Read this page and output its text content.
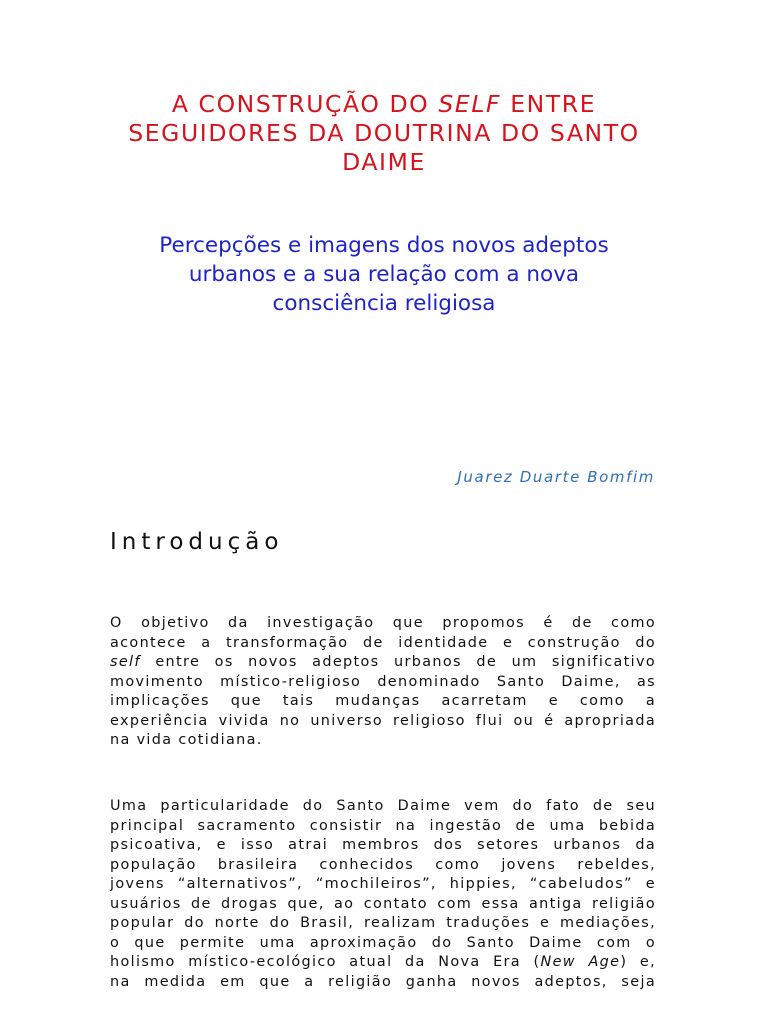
A CONSTRUÇÃO DO SELF ENTRE
SEGUIDORES DA DOUTRINA DO SANTO
DAIME
Percepções e imagens dos novos adeptos
urbanos e a sua relação com a nova
consciência religiosa
Juarez Duarte Bomfim
Introdução
O objetivo da investigação que propomos é de como
acontece a transformação de identidade e construção do
self entre os novos adeptos urbanos de um significativo
movimento místico-religioso denominado Santo Daime, as
implicações que tais mudanças acarretam e como a
experiência vivida no universo religioso flui ou é apropriada
na vida cotidiana.
Uma particularidade do Santo Daime vem do fato de seu
principal sacramento consistir na ingestão de uma bebida
psicoativa, e isso atrai membros dos setores urbanos da
população brasileira conhecidos como jovens rebeldes,
jovens “alternativos”, “mochileiros”, hippies, “cabeludos” e
usuários de drogas que, ao contato com essa antiga religião
popular do norte do Brasil, realizam traduções e mediações,
o que permite uma aproximação do Santo Daime com o
holismo místico-ecológico atual da Nova Era (New Age) e,
na medida em que a religião ganha novos adeptos, seja
